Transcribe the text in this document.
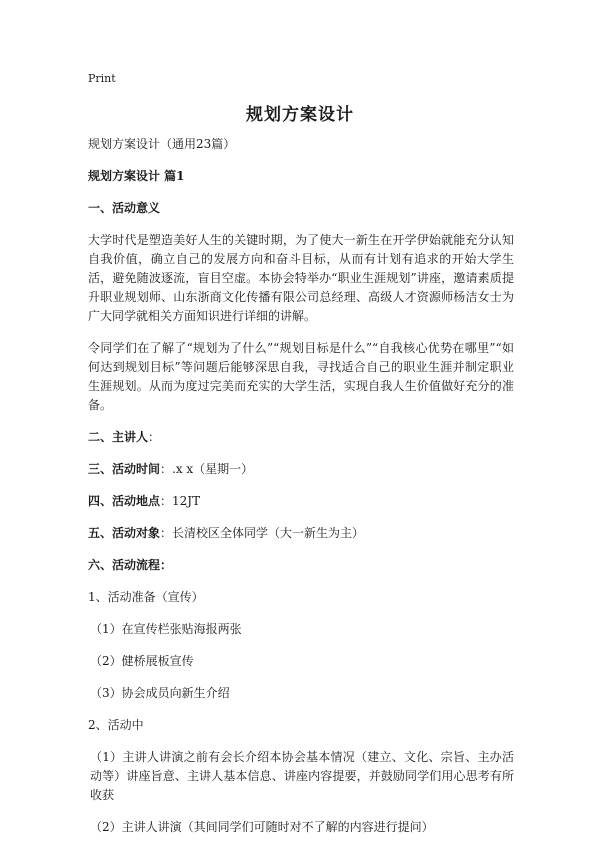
Print
规划方案设计

规划方案设计（通用23篇）

规划方案设计 篇1

一、活动意义

大学时代是塑造美好人生的关键时期，为了使大一新生在开学伊始就能充分认知自我价值，确立自己的发展方向和奋斗目标，从而有计划有追求的开始大学生活，避免随波逐流，盲目空虚。本协会特举办“职业生涯规划”讲座，邀请素质提升职业规划师、山东浙商文化传播有限公司总经理、高级人才资源师杨洁女士为广大同学就相关方面知识进行详细的讲解。

令同学们在了解了“规划为了什么”“规划目标是什么”“自我核心优势在哪里”“如何达到规划目标”等问题后能够深思自我，寻找适合自己的职业生涯并制定职业生涯规划。从而为度过完美而充实的大学生活，实现自我人生价值做好充分的准备。

二、主讲人：

三、活动时间：.x x（星期一）

四、活动地点：12JT

五、活动对象：长清校区全体同学（大一新生为主）

六、活动流程：

1、活动准备（宣传）

（1）在宣传栏张贴海报两张

（2）健桥展板宣传

（3）协会成员向新生介绍

2、活动中

（1）主讲人讲演之前有会长介绍本协会基本情况（建立、文化、宗旨、主办活动等）讲座旨意、主讲人基本信息、讲座内容提要，并鼓励同学们用心思考有所收获

（2）主讲人讲演（其间同学们可随时对不了解的内容进行提问）
